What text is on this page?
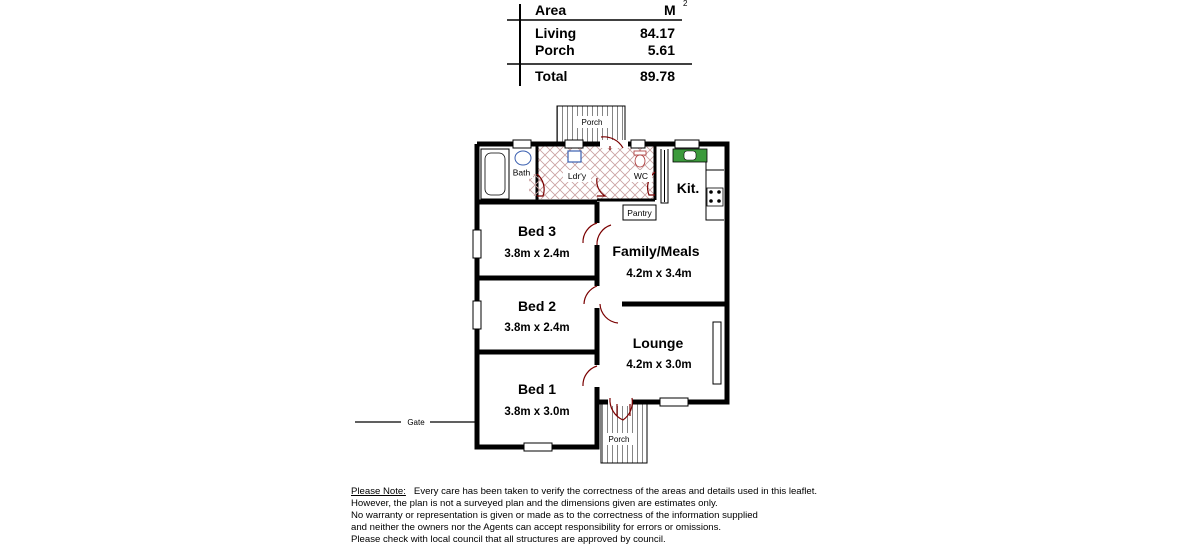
Area	M 2
Living	84.17
Porch	5.61
Total	89.78
Porch
Porch
Pantry
Bath	Ldr'y	WC
Kit.
Bed 3
3.8m x 2.4m
Bed 2
3.8m x 2.4m
Bed 1
3.8m x 3.0m
Family/Meals
4.2m x 3.4m
Lounge
4.2m x 3.0m
Gate
Please Note:   Every care has been taken to verify the correctness of the areas and details used in this leaflet.
However, the plan is not a surveyed plan and the dimensions given are estimates only.
No warranty or representation is given or made as to the correctness of the information supplied
and neither the owners nor the Agents can accept responsibility for errors or omissions.
Please check with local council that all structures are approved by council.
